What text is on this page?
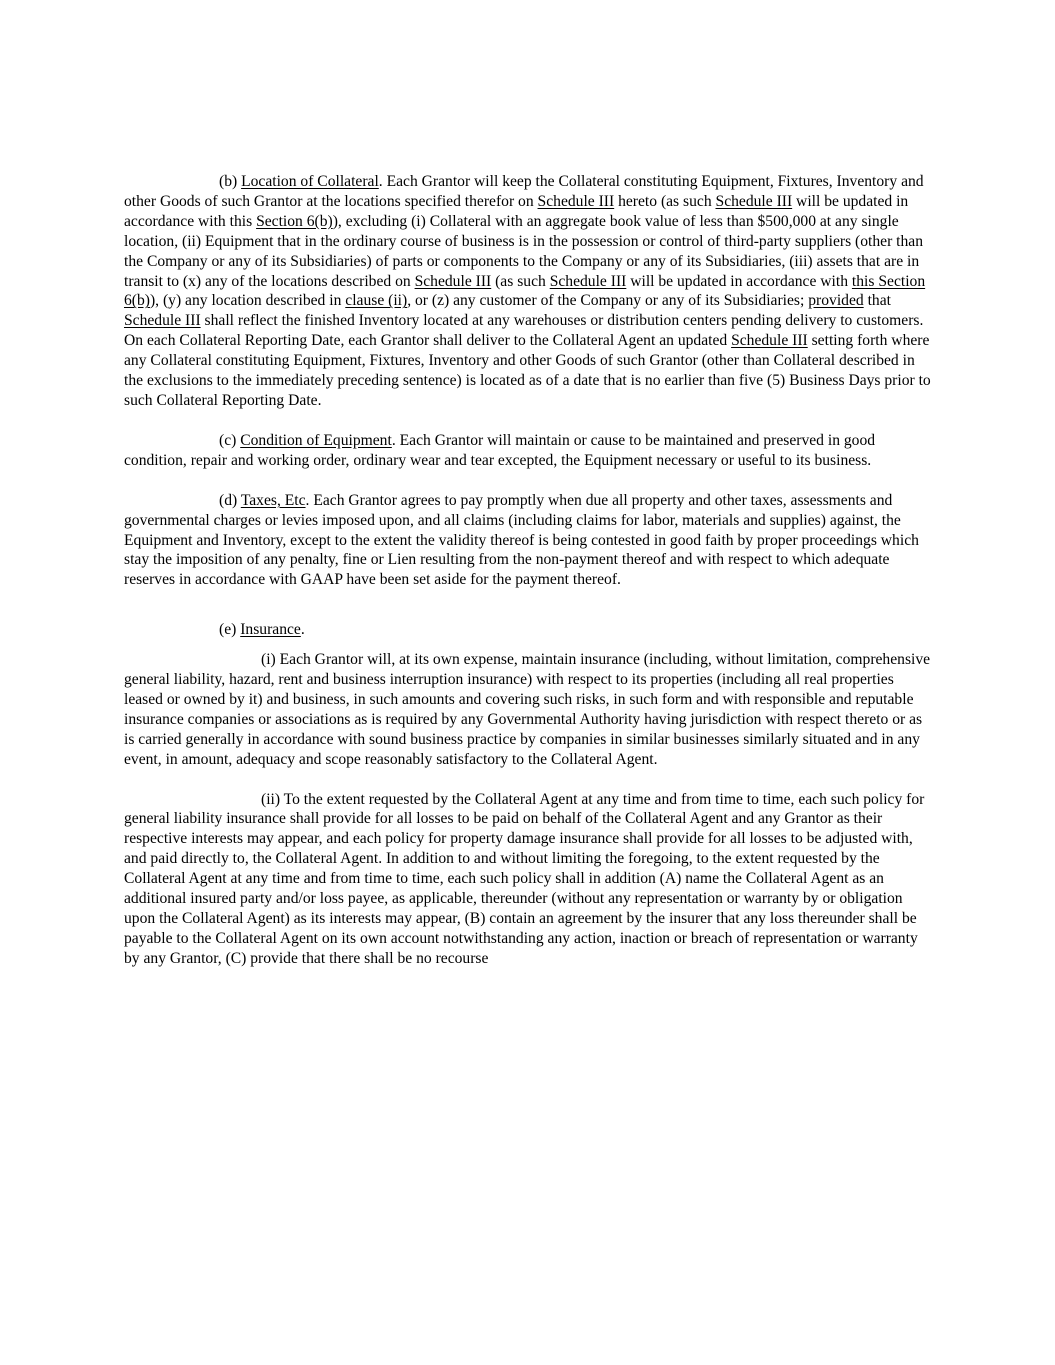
(b) Location of Collateral. Each Grantor will keep the Collateral constituting Equipment, Fixtures, Inventory and other Goods of such Grantor at the locations specified therefor on Schedule III hereto (as such Schedule III will be updated in accordance with this Section 6(b)), excluding (i) Collateral with an aggregate book value of less than $500,000 at any single location, (ii) Equipment that in the ordinary course of business is in the possession or control of third-party suppliers (other than the Company or any of its Subsidiaries) of parts or components to the Company or any of its Subsidiaries, (iii) assets that are in transit to (x) any of the locations described on Schedule III (as such Schedule III will be updated in accordance with this Section 6(b)), (y) any location described in clause (ii), or (z) any customer of the Company or any of its Subsidiaries; provided that Schedule III shall reflect the finished Inventory located at any warehouses or distribution centers pending delivery to customers. On each Collateral Reporting Date, each Grantor shall deliver to the Collateral Agent an updated Schedule III setting forth where any Collateral constituting Equipment, Fixtures, Inventory and other Goods of such Grantor (other than Collateral described in the exclusions to the immediately preceding sentence) is located as of a date that is no earlier than five (5) Business Days prior to such Collateral Reporting Date.

(c) Condition of Equipment. Each Grantor will maintain or cause to be maintained and preserved in good condition, repair and working order, ordinary wear and tear excepted, the Equipment necessary or useful to its business.

(d) Taxes, Etc. Each Grantor agrees to pay promptly when due all property and other taxes, assessments and governmental charges or levies imposed upon, and all claims (including claims for labor, materials and supplies) against, the Equipment and Inventory, except to the extent the validity thereof is being contested in good faith by proper proceedings which stay the imposition of any penalty, fine or Lien resulting from the non-payment thereof and with respect to which adequate reserves in accordance with GAAP have been set aside for the payment thereof.

(e) Insurance.

(i) Each Grantor will, at its own expense, maintain insurance (including, without limitation, comprehensive general liability, hazard, rent and business interruption insurance) with respect to its properties (including all real properties leased or owned by it) and business, in such amounts and covering such risks, in such form and with responsible and reputable insurance companies or associations as is required by any Governmental Authority having jurisdiction with respect thereto or as is carried generally in accordance with sound business practice by companies in similar businesses similarly situated and in any event, in amount, adequacy and scope reasonably satisfactory to the Collateral Agent.

(ii) To the extent requested by the Collateral Agent at any time and from time to time, each such policy for general liability insurance shall provide for all losses to be paid on behalf of the Collateral Agent and any Grantor as their respective interests may appear, and each policy for property damage insurance shall provide for all losses to be adjusted with, and paid directly to, the Collateral Agent. In addition to and without limiting the foregoing, to the extent requested by the Collateral Agent at any time and from time to time, each such policy shall in addition (A) name the Collateral Agent as an additional insured party and/or loss payee, as applicable, thereunder (without any representation or warranty by or obligation upon the Collateral Agent) as its interests may appear, (B) contain an agreement by the insurer that any loss thereunder shall be payable to the Collateral Agent on its own account notwithstanding any action, inaction or breach of representation or warranty by any Grantor, (C) provide that there shall be no recourse
